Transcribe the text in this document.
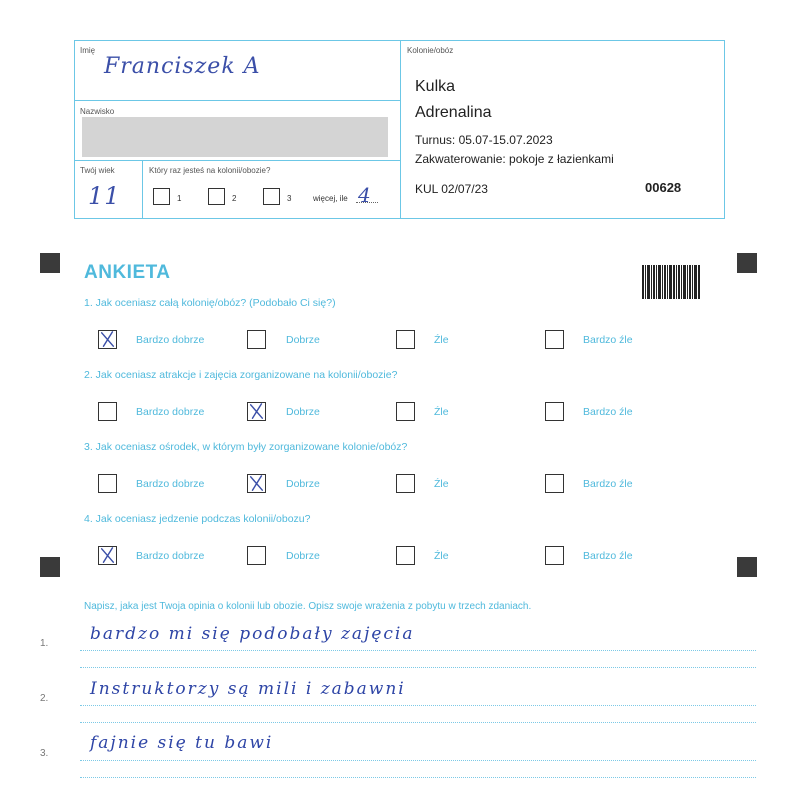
Imię
Franciszek A
Nazwisko
Twój wiek
11
Który raz jesteś na kolonii/obozie?
1	2	3	więcej, ile 4
Kolonie/obóz
Kulka
Adrenalina
Turnus: 05.07-15.07.2023
Zakwaterowanie: pokoje z łazienkami
KUL 02/07/23	00628
ANKIETA
1. Jak oceniasz całą kolonię/obóz? (Podobało Ci się?)
Bardzo dobrze	Dobrze	Źle	Bardzo źle
2. Jak oceniasz atrakcje i zajęcia zorganizowane na kolonii/obozie?
Bardzo dobrze	Dobrze	Źle	Bardzo źle
3. Jak oceniasz ośrodek, w którym były zorganizowane kolonie/obóz?
Bardzo dobrze	Dobrze	Źle	Bardzo źle
4. Jak oceniasz jedzenie podczas kolonii/obozu?
Bardzo dobrze	Dobrze	Źle	Bardzo źle
Napisz, jaka jest Twoja opinia o kolonii lub obozie. Opisz swoje wrażenia z pobytu w trzech zdaniach.
1. bardzo mi się podobały zajęcia
2. Instruktorzy są mili i zabawni
3.
fajnie się tu bawi
